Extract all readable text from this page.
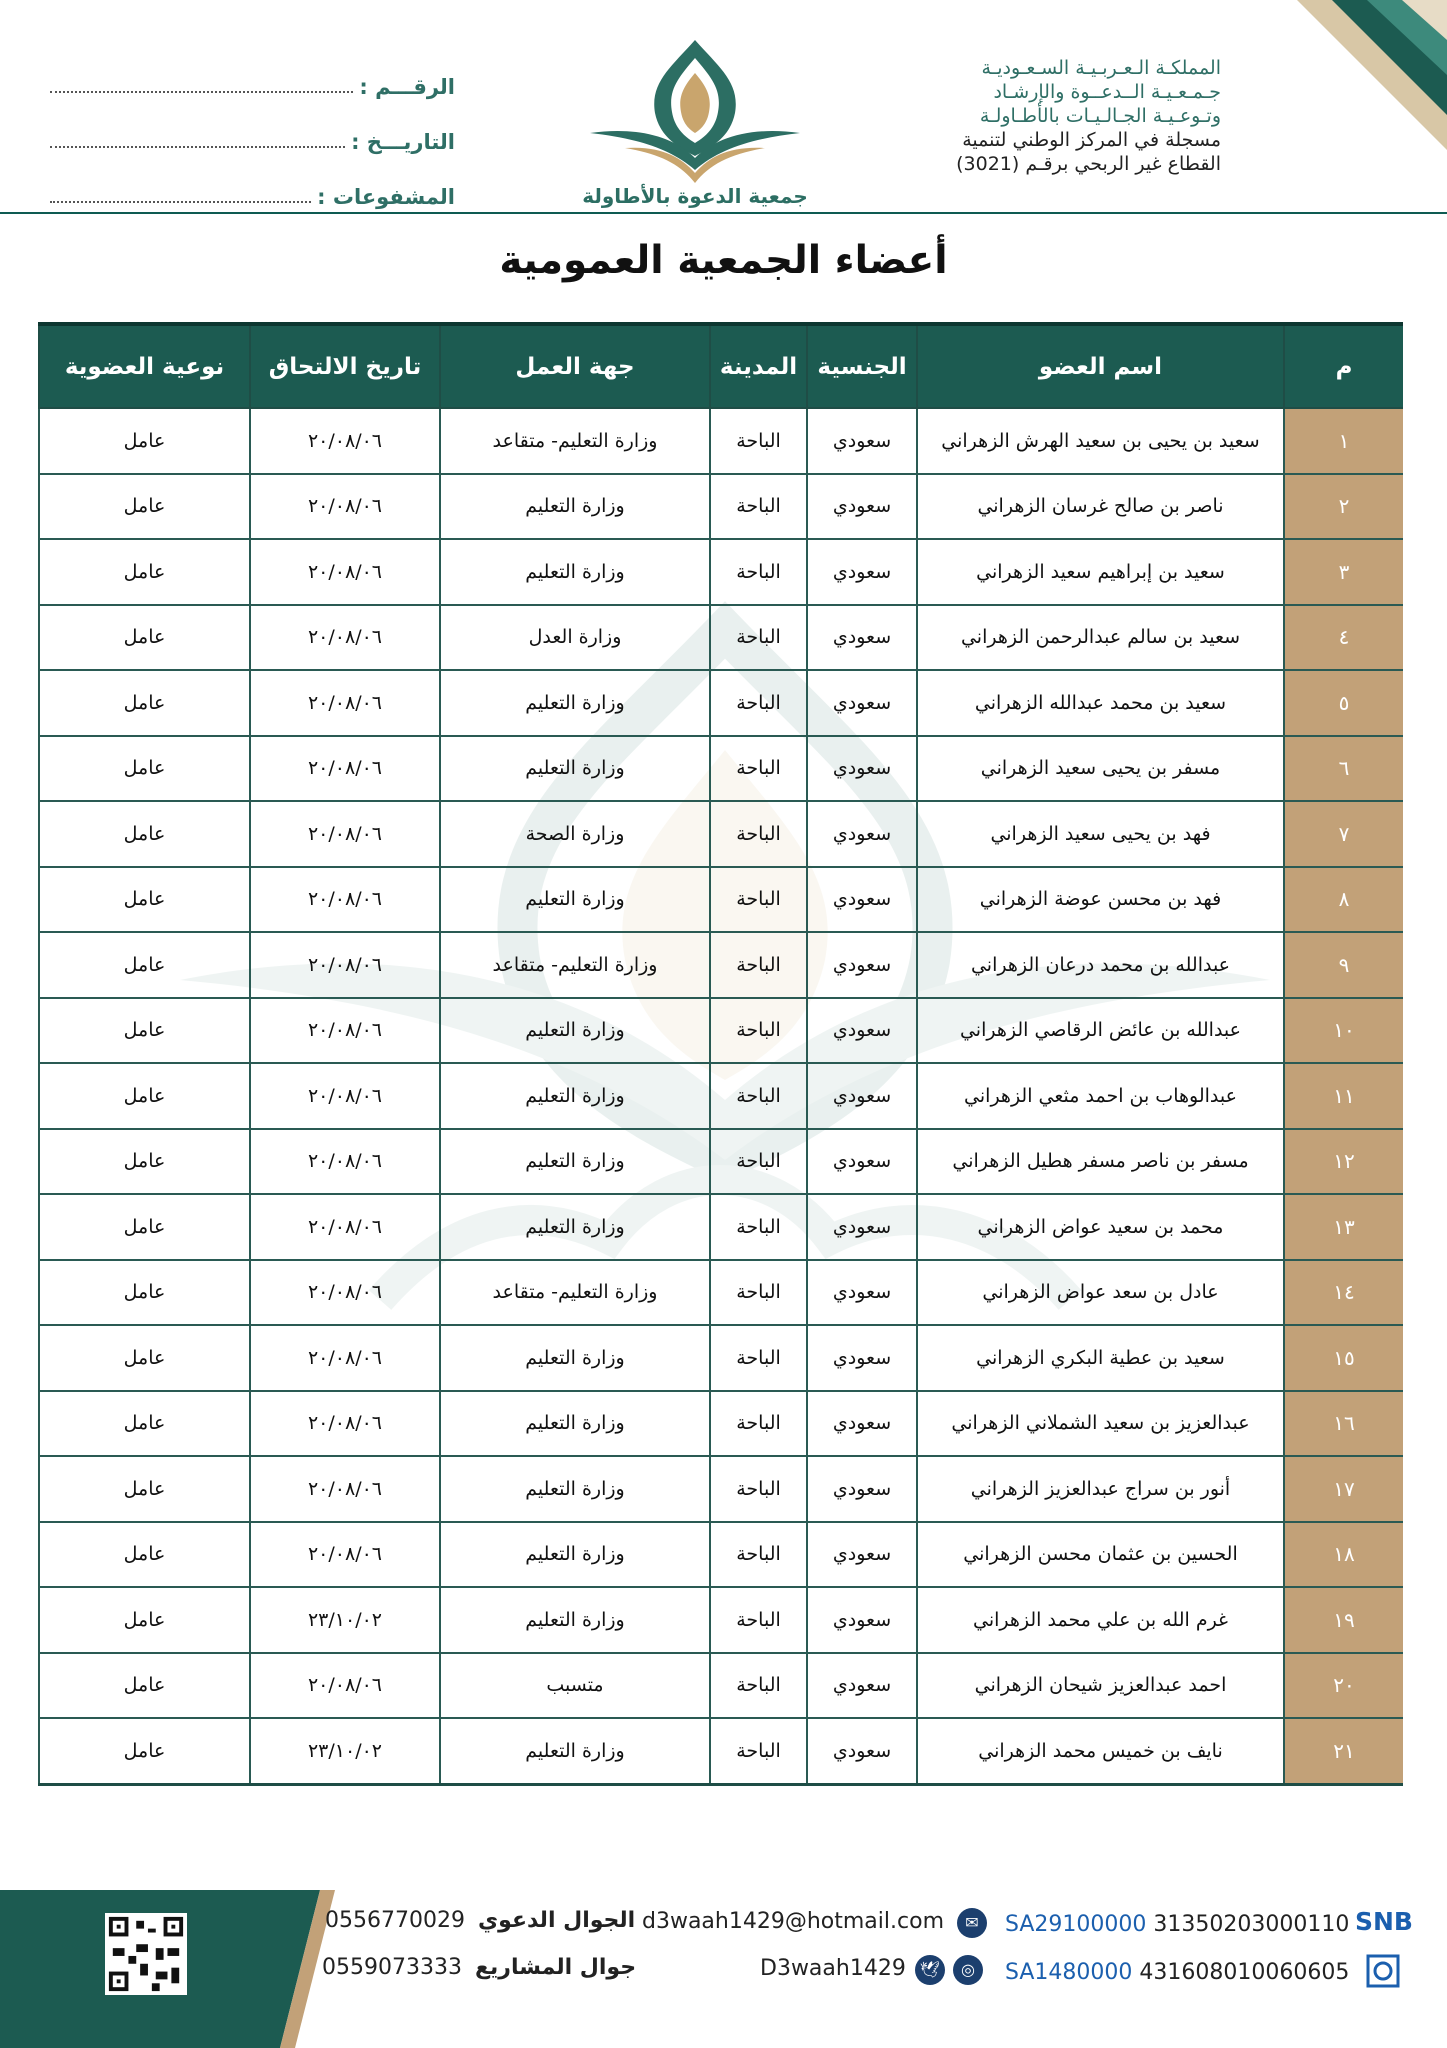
المملكـة الـعـربـيـة السـعـوديـة
جـمـعـيـة الــدعــوة والإرشـاد
وتـوعـيـة الجـالـيـات بالأطـاولـة
مسجلة في المركز الوطني لتنمية
القطاع غير الربحي برقـم (3021)
جمعية الدعوة بالأطاولة
الرقـــم :
التاريـــخ :
المشفوعات :
أعضاء الجمعية العمومية
م	اسم العضو	الجنسية	المدينة	جهة العمل	تاريخ الالتحاق	نوعية العضوية
١	سعيد بن يحيى بن سعيد الهرش الزهراني	سعودي	الباحة	وزارة التعليم- متقاعد	٢٠/٠٨/٠٦	عامل
٢	ناصر بن صالح غرسان الزهراني	سعودي	الباحة	وزارة التعليم	٢٠/٠٨/٠٦	عامل
٣	سعيد بن إبراهيم سعيد الزهراني	سعودي	الباحة	وزارة التعليم	٢٠/٠٨/٠٦	عامل
٤	سعيد بن سالم عبدالرحمن الزهراني	سعودي	الباحة	وزارة العدل	٢٠/٠٨/٠٦	عامل
٥	سعيد بن محمد عبدالله الزهراني	سعودي	الباحة	وزارة التعليم	٢٠/٠٨/٠٦	عامل
٦	مسفر بن يحيى سعيد الزهراني	سعودي	الباحة	وزارة التعليم	٢٠/٠٨/٠٦	عامل
٧	فهد بن يحيى سعيد الزهراني	سعودي	الباحة	وزارة الصحة	٢٠/٠٨/٠٦	عامل
٨	فهد بن محسن عوضة الزهراني	سعودي	الباحة	وزارة التعليم	٢٠/٠٨/٠٦	عامل
٩	عبدالله بن محمد درعان الزهراني	سعودي	الباحة	وزارة التعليم- متقاعد	٢٠/٠٨/٠٦	عامل
١٠	عبدالله بن عائض الرقاصي الزهراني	سعودي	الباحة	وزارة التعليم	٢٠/٠٨/٠٦	عامل
١١	عبدالوهاب بن احمد مثعي الزهراني	سعودي	الباحة	وزارة التعليم	٢٠/٠٨/٠٦	عامل
١٢	مسفر بن ناصر مسفر هطيل الزهراني	سعودي	الباحة	وزارة التعليم	٢٠/٠٨/٠٦	عامل
١٣	محمد بن سعيد عواض الزهراني	سعودي	الباحة	وزارة التعليم	٢٠/٠٨/٠٦	عامل
١٤	عادل بن سعد عواض الزهراني	سعودي	الباحة	وزارة التعليم- متقاعد	٢٠/٠٨/٠٦	عامل
١٥	سعيد بن عطية البكري الزهراني	سعودي	الباحة	وزارة التعليم	٢٠/٠٨/٠٦	عامل
١٦	عبدالعزيز بن سعيد الشملاني الزهراني	سعودي	الباحة	وزارة التعليم	٢٠/٠٨/٠٦	عامل
١٧	أنور بن سراج عبدالعزيز الزهراني	سعودي	الباحة	وزارة التعليم	٢٠/٠٨/٠٦	عامل
١٨	الحسين بن عثمان محسن الزهراني	سعودي	الباحة	وزارة التعليم	٢٠/٠٨/٠٦	عامل
١٩	غرم الله بن علي محمد الزهراني	سعودي	الباحة	وزارة التعليم	٢٣/١٠/٠٢	عامل
٢٠	احمد عبدالعزيز شيحان الزهراني	سعودي	الباحة	متسبب	٢٠/٠٨/٠٦	عامل
٢١	نايف بن خميس محمد الزهراني	سعودي	الباحة	وزارة التعليم	٢٣/١٠/٠٢	عامل
الجوال الدعوي 0556770029
جوال المشاريع 0559073333
d3waah1429@hotmail.com	✉
D3waah1429 🕊	◎
SA29100000 31350203000110 SNB
SA1480000 431608010060605
